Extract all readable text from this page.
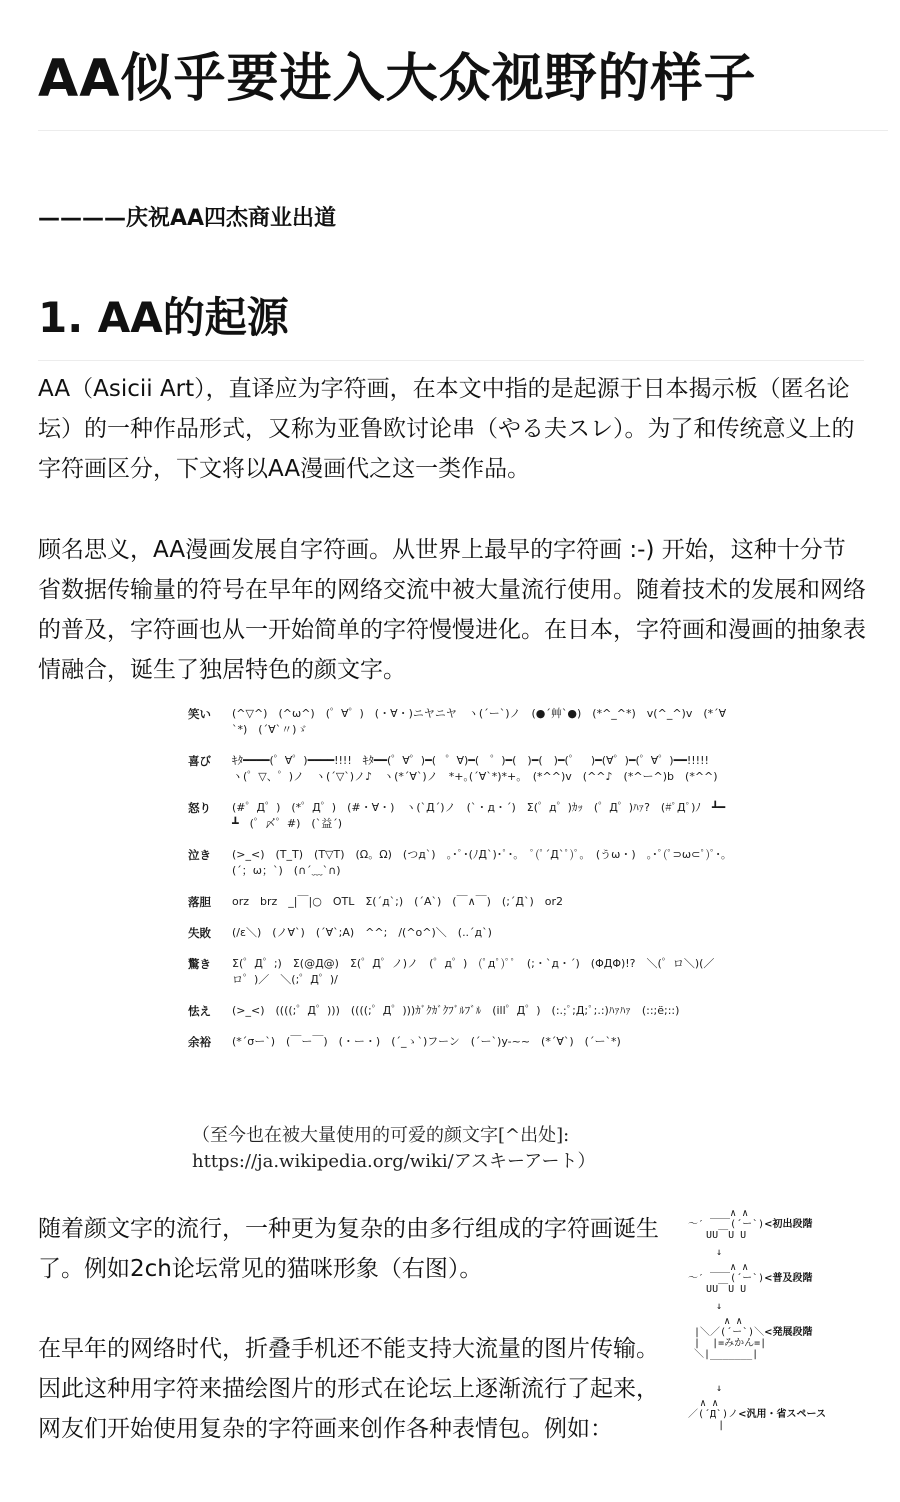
AA似乎要进入大众视野的样子
————庆祝AA四杰商业出道
1. AA的起源

AA（Asicii Art），直译应为字符画，在本文中指的是起源于日本揭示板（匿名论坛）的一种作品形式，又称为亚鲁欧讨论串（やる夫スレ）。为了和传统意义上的字符画区分，下文将以AA漫画代之这一类作品。

顾名思义，AA漫画发展自字符画。从世界上最早的字符画 :-) 开始，这种十分节省数据传输量的符号在早年的网络交流中被大量流行使用。随着技术的发展和网络的普及，字符画也从一开始简单的字符慢慢进化。在日本，字符画和漫画的抽象表情融合，诞生了独居特色的颜文字。

笑い	(^▽^)　(^ω^)　(゜∀゜)　(・∀・)ニヤニヤ　ヽ(´ー`)ノ　(●´艸`●)　(*^_^*)　v(^_^)v　(*´∀`*)　(´∀`〃)ゞ
喜び	ｷﾀ━━━━(゜∀゜)━━━━!!!!　ｷﾀ━━(゜∀゜)━( ゜∀)━(　゜)━(　)━(　)━(゜　)━(∀゜)━(゜∀゜)━━!!!!!　ヽ(゜▽、゜)ノ　ヽ(´▽`)ノ♪　ヽ(*´∀`)ノ　*+｡(´∀`*)*+｡　(*^^)v　(^^♪　(*^ー^)b　(*^^)
怒り	(#゜Д゜)　(*゜Д゜)　(#・∀・)　ヽ(`Д´)ノ　(`・д・´)　Σ(゜д゜)ｶｯ　(゜Д゜)ﾊｧ?　(#ﾟДﾟ)ﾉ　┻━┻　(゜〆゜#)　(`益´)
泣き	(>_<)　(T_T)　(T▽T)　(Ω。Ω)　(つд`)　｡･ﾟ･(ﾉД`)･ﾟ･｡　ﾟ(ﾟ´Д`ﾟ)ﾟ｡　(うω・)　｡･ﾟ(ﾟ⊃ω⊂ﾟ)ﾟ･｡　(´；ω；`)　(∩´﹏`∩)
落胆	orz　brz　_|￣|○　OTL　Σ(´д`;)　(´A`)　(￣∧￣)　(;´Д`)　or2
失敗	(/ε＼)　(ノ∀`)　(´∀`;A)　^^;　/(^o^)＼　(..´д`)
驚き	Σ(゜Д゜;)　Σ(@Д@)　Σ(゜Д゜ノ)ノ　(゜д゜)　(ﾟдﾟ)ﾟﾟ　(;・`д・´)　(ΦДΦ)!?　＼(゜ロ＼)(／ロ゜)／　＼(;゜Д゜)/
怯え	(>_<)　((((;゜Д゜)))　((((;゜Д゜)))ｶﾞｸｶﾞｸﾌﾞﾙﾌﾞﾙ　(ill゜Д゜)　(:.;ﾟ;Д;ﾟ;.:)ﾊｧﾊｧ　(::;ё;::)
余裕	(*´σー`)　(￣ー￣)　(・ー・)　(´_ゝ`)フーン　(´ー`)y-~~　(*´∀`)　(´ー`*)

（至今也在被大量使用的可爱的颜文字[^出处]: https://ja.wikipedia.org/wiki/アスキーアート）

随着颜文字的流行，一种更为复杂的由多行组成的字符画诞生了。例如2ch论坛常见的猫咪形象（右图）。

在早年的网络时代，折叠手机还不能支持大流量的图片传输。因此这种用字符来描绘图片的形式在论坛上逐渐流行了起来，网友们开始使用复杂的字符画来创作各种表情包。例如：

∧ ∧
～′ ￣￣(´ー`)<初出段階
UU￣U U
↓
∧ ∧
～′ ￣￣(´ー`)<普及段階
UU￣U U
↓
∧ ∧
|＼／(´ー`)＼<発展段階
|  |=みかん=|
＼|_______|
↓
∧ ∧
／(´Д`)ノ<汎用・省スペース
|
